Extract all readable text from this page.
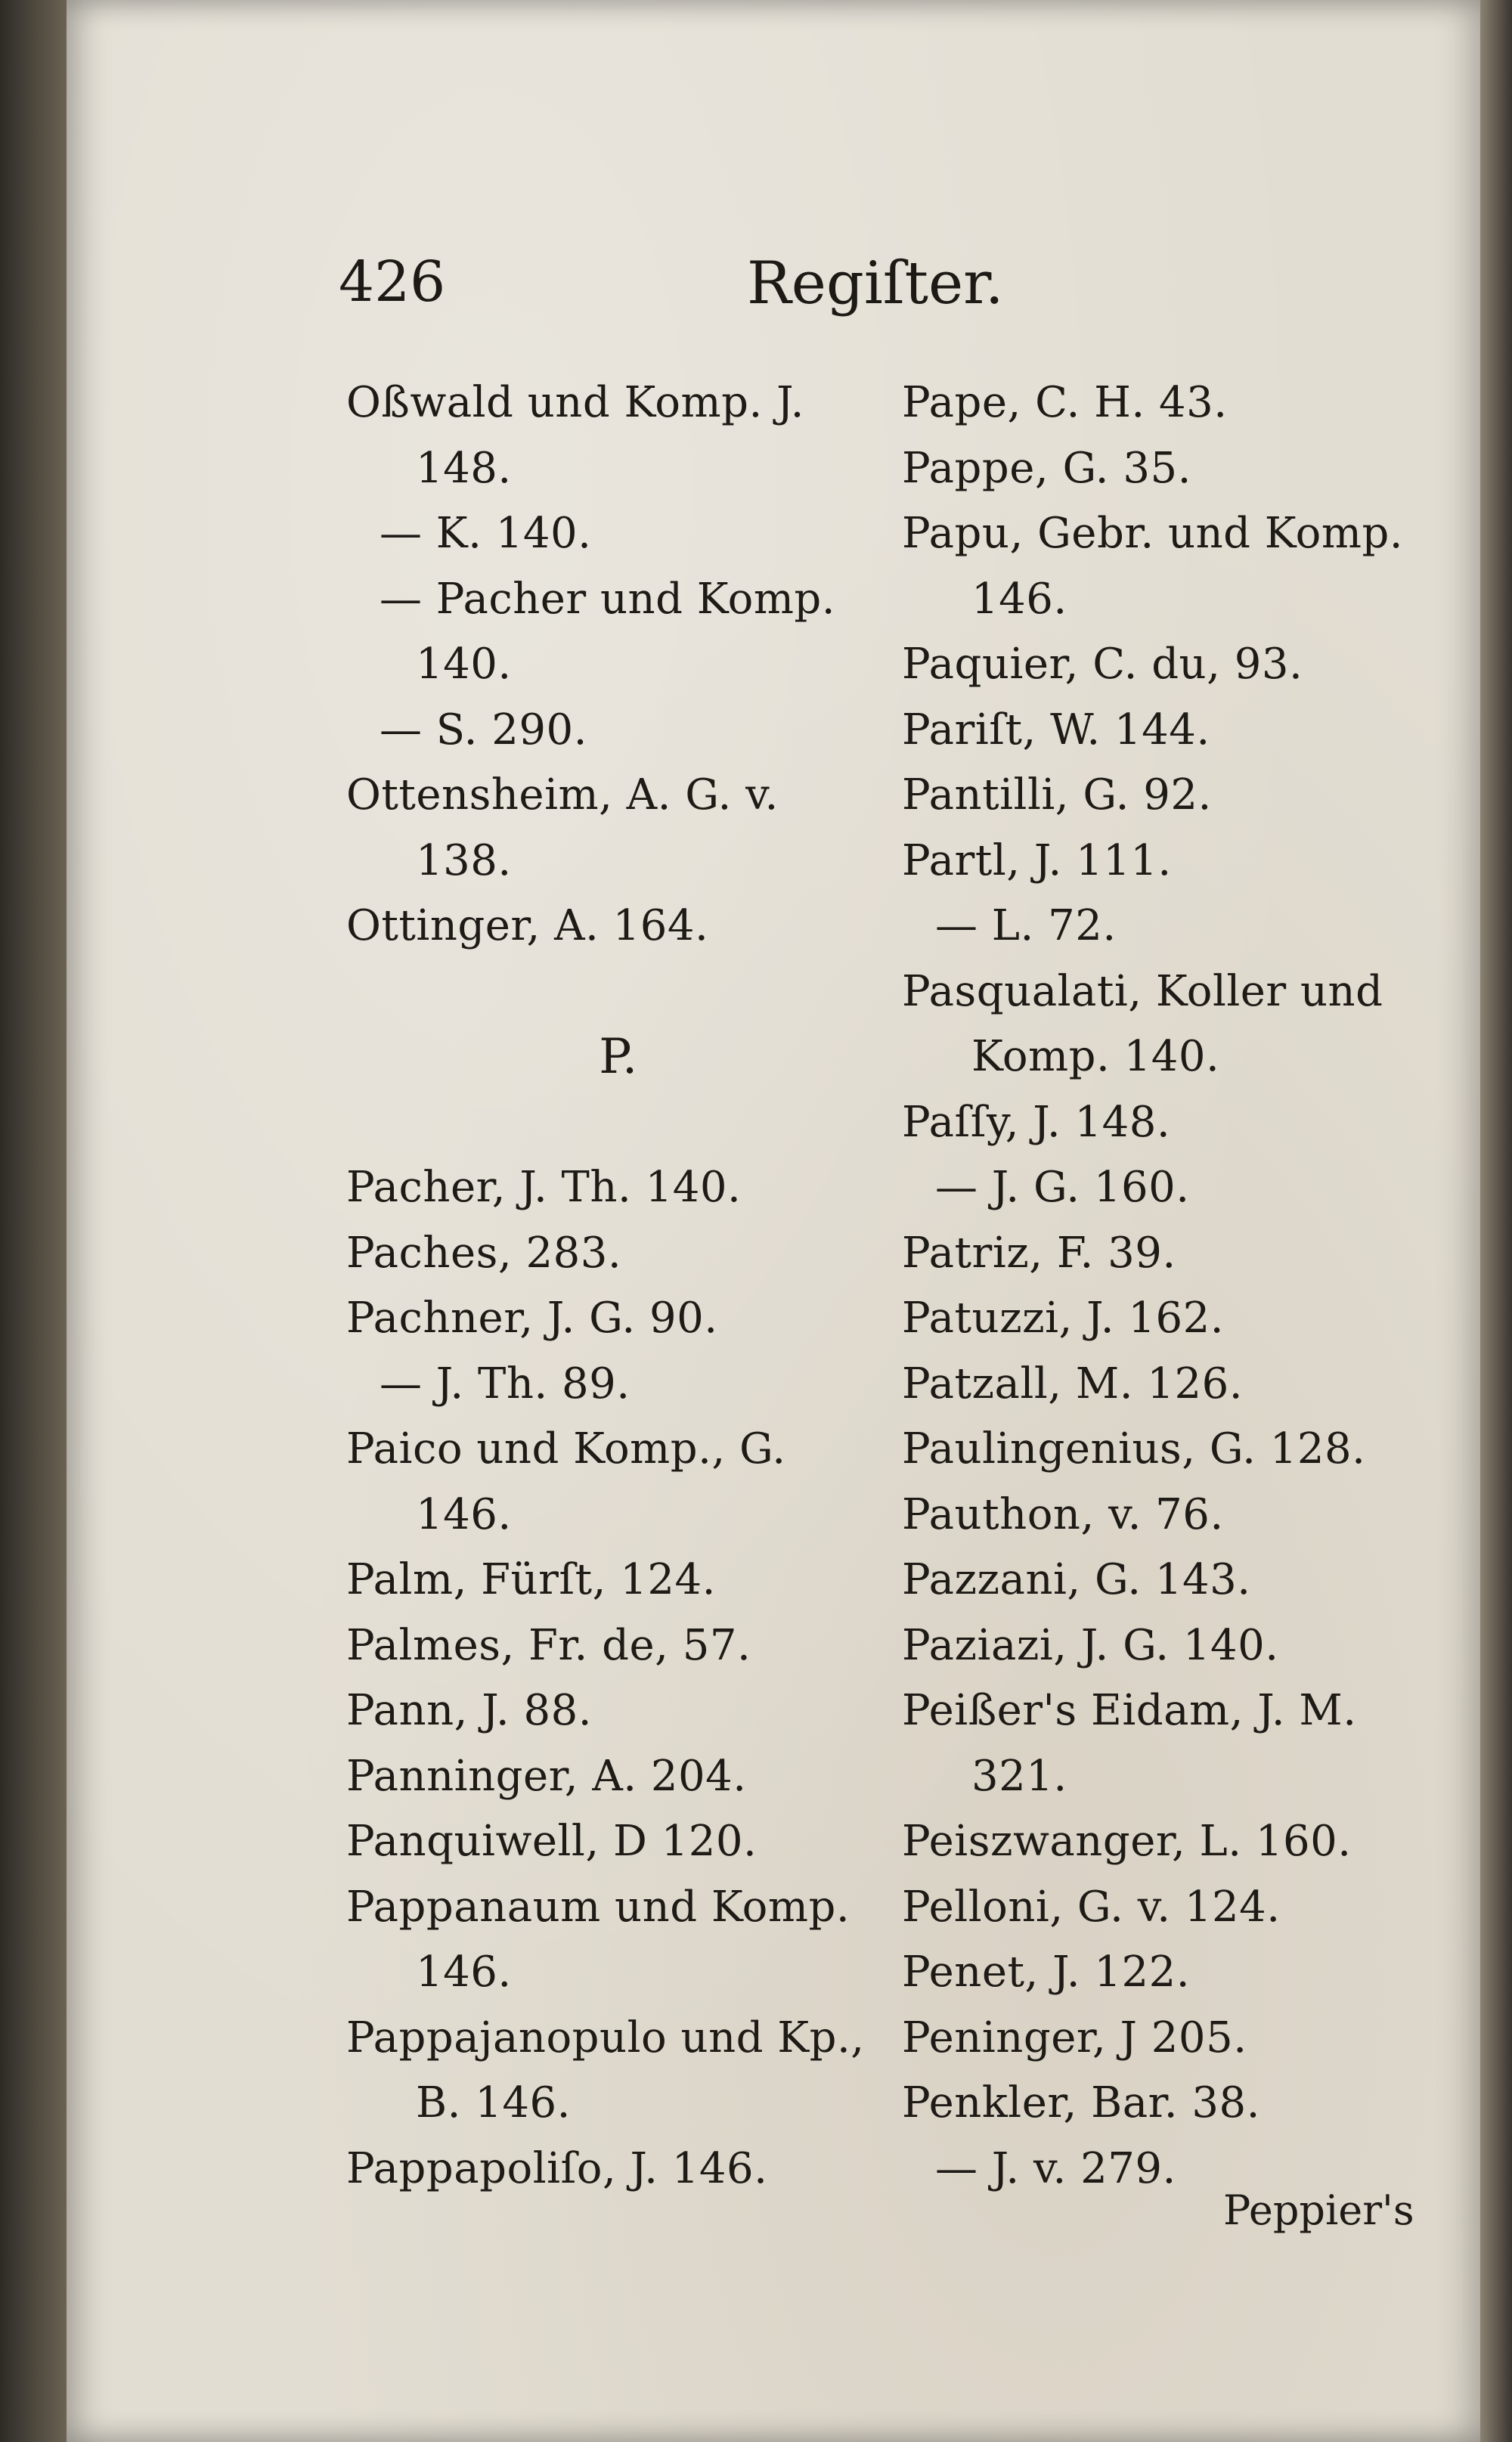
426	Regiſter.
Oßwald und Komp. J.
148.
— K. 140.
— Pacher und Komp.
140.
— S. 290.
Ottensheim, A. G. v.
138.
Ottinger, A. 164.
P.
Pacher, J. Th. 140.
Paches, 283.
Pachner, J. G. 90.
— J. Th. 89.
Paico und Komp., G.
146.
Palm, Fürſt, 124.
Palmes, Fr. de, 57.
Pann, J. 88.
Panninger, A. 204.
Panquiwell, D 120.
Pappanaum und Komp.
146.
Pappajanopulo und Kp.,
B. 146.
Pappapoliſo, J. 146.
Pape, C. H. 43.
Pappe, G. 35.
Papu, Gebr. und Komp.
146.
Paquier, C. du, 93.
Pariſt, W. 144.
Pantilli, G. 92.
Partl, J. 111.
— L. 72.
Pasqualati, Koller und
Komp. 140.
Paſſy, J. 148.
— J. G. 160.
Patriz, F. 39.
Patuzzi, J. 162.
Patzall, M. 126.
Paulingenius, G. 128.
Pauthon, v. 76.
Pazzani, G. 143.
Paziazi, J. G. 140.
Peißer's Eidam, J. M.
321.
Peiszwanger, L. 160.
Pelloni, G. v. 124.
Penet, J. 122.
Peninger, J 205.
Penkler, Bar. 38.
— J. v. 279.
Peppier's
